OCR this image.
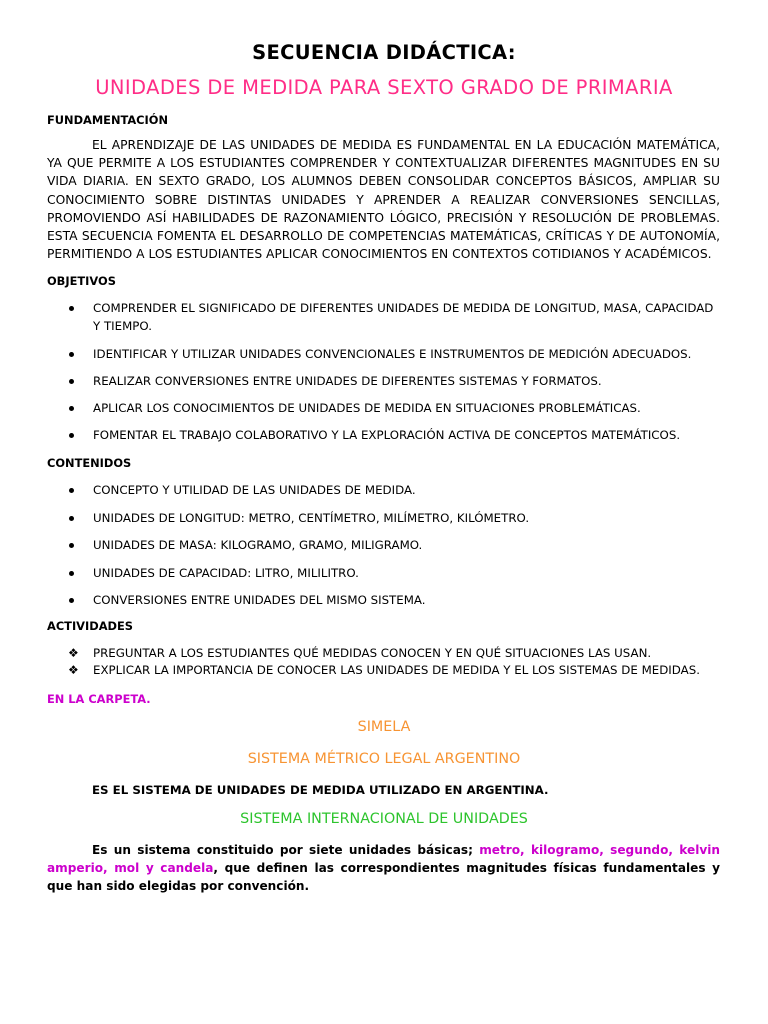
SECUENCIA DIDÁCTICA:
UNIDADES DE MEDIDA PARA SEXTO GRADO DE PRIMARIA
FUNDAMENTACIÓN

EL APRENDIZAJE DE LAS UNIDADES DE MEDIDA ES FUNDAMENTAL EN LA EDUCACIÓN MATEMÁTICA, YA QUE PERMITE A LOS ESTUDIANTES COMPRENDER Y CONTEXTUALIZAR DIFERENTES MAGNITUDES EN SU VIDA DIARIA. EN SEXTO GRADO, LOS ALUMNOS DEBEN CONSOLIDAR CONCEPTOS BÁSICOS, AMPLIAR SU CONOCIMIENTO SOBRE DISTINTAS UNIDADES Y APRENDER A REALIZAR CONVERSIONES SENCILLAS, PROMOVIENDO ASÍ HABILIDADES DE RAZONAMIENTO LÓGICO, PRECISIÓN Y RESOLUCIÓN DE PROBLEMAS. ESTA SECUENCIA FOMENTA EL DESARROLLO DE COMPETENCIAS MATEMÁTICAS, CRÍTICAS Y DE AUTONOMÍA, PERMITIENDO A LOS ESTUDIANTES APLICAR CONOCIMIENTOS EN CONTEXTOS COTIDIANOS Y ACADÉMICOS.

OBJETIVOS
COMPRENDER EL SIGNIFICADO DE DIFERENTES UNIDADES DE MEDIDA DE LONGITUD, MASA, CAPACIDAD Y TIEMPO.
IDENTIFICAR Y UTILIZAR UNIDADES CONVENCIONALES E INSTRUMENTOS DE MEDICIÓN ADECUADOS.
REALIZAR CONVERSIONES ENTRE UNIDADES DE DIFERENTES SISTEMAS Y FORMATOS.
APLICAR LOS CONOCIMIENTOS DE UNIDADES DE MEDIDA EN SITUACIONES PROBLEMÁTICAS.
FOMENTAR EL TRABAJO COLABORATIVO Y LA EXPLORACIÓN ACTIVA DE CONCEPTOS MATEMÁTICOS.
CONTENIDOS
CONCEPTO Y UTILIDAD DE LAS UNIDADES DE MEDIDA.
UNIDADES DE LONGITUD: METRO, CENTÍMETRO, MILÍMETRO, KILÓMETRO.
UNIDADES DE MASA: KILOGRAMO, GRAMO, MILIGRAMO.
UNIDADES DE CAPACIDAD: LITRO, MILILITRO.
CONVERSIONES ENTRE UNIDADES DEL MISMO SISTEMA.
ACTIVIDADES
❖ PREGUNTAR A LOS ESTUDIANTES QUÉ MEDIDAS CONOCEN Y EN QUÉ SITUACIONES LAS USAN.
❖ EXPLICAR LA IMPORTANCIA DE CONOCER LAS UNIDADES DE MEDIDA Y EL LOS SISTEMAS DE MEDIDAS.
EN LA CARPETA.
SIMELA
SISTEMA MÉTRICO LEGAL ARGENTINO
ES EL SISTEMA DE UNIDADES DE MEDIDA UTILIZADO EN ARGENTINA.
SISTEMA INTERNACIONAL DE UNIDADES

Es un sistema constituido por siete unidades básicas; metro, kilogramo, segundo, kelvin amperio, mol y candela, que definen las correspondientes magnitudes físicas fundamentales y que han sido elegidas por convención.
